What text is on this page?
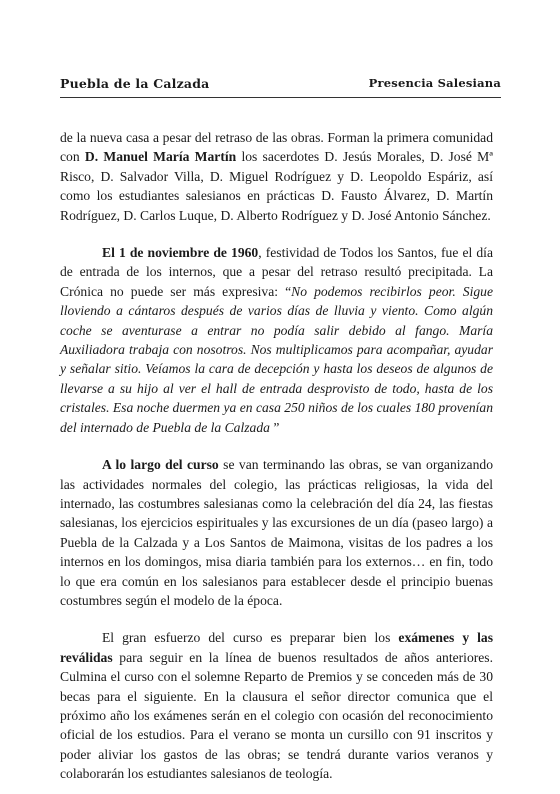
Puebla de la Calzada	Presencia Salesiana

de la nueva casa a pesar del retraso de las obras. Forman la primera comunidad con D. Manuel María Martín los sacerdotes D. Jesús Morales, D. José Mª Risco, D. Salvador Villa, D. Miguel Rodríguez y D. Leopoldo Espáriz, así como los estudiantes salesianos en prácticas D. Fausto Álvarez, D. Martín Rodríguez, D. Carlos Luque, D. Alberto Rodríguez y D. José Antonio Sánchez.

El 1 de noviembre de 1960, festividad de Todos los Santos, fue el día de entrada de los internos, que a pesar del retraso resultó precipitada. La Crónica no puede ser más expresiva: “No podemos recibirlos peor. Sigue lloviendo a cántaros después de varios días de lluvia y viento. Como algún coche se aventurase a entrar no podía salir debido al fango. María Auxiliadora trabaja con nosotros. Nos multiplicamos para acompañar, ayudar y señalar sitio. Veíamos la cara de decepción y hasta los deseos de algunos de llevarse a su hijo al ver el hall de entrada desprovisto de todo, hasta de los cristales. Esa noche duermen ya en casa 250 niños de los cuales 180 provenían del internado de Puebla de la Calzada ”

A lo largo del curso se van terminando las obras, se van organizando las actividades normales del colegio, las prácticas religiosas, la vida del internado, las costumbres salesianas como la celebración del día 24, las fiestas salesianas, los ejercicios espirituales y las excursiones de un día (paseo largo) a Puebla de la Calzada y a Los Santos de Maimona, visitas de los padres a los internos en los domingos, misa diaria también para los externos… en fin, todo lo que era común en los salesianos para establecer desde el principio buenas costumbres según el modelo de la época.

El gran esfuerzo del curso es preparar bien los exámenes y las reválidas para seguir en la línea de buenos resultados de años anteriores. Culmina el curso con el solemne Reparto de Premios y se conceden más de 30 becas para el siguiente. En la clausura el señor director comunica que el próximo año los exámenes serán en el colegio con ocasión del reconocimiento oficial de los estudios. Para el verano se monta un cursillo con 91 inscritos y poder aliviar los gastos de las obras; se tendrá durante varios veranos y colaborarán los estudiantes salesianos de teología.
